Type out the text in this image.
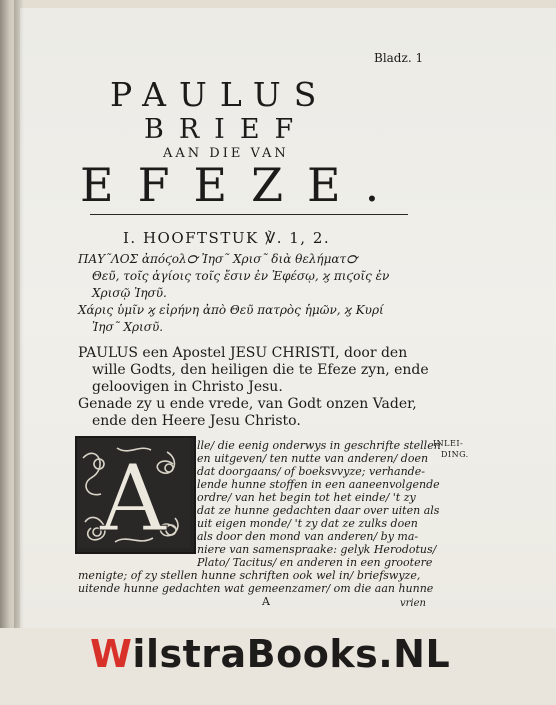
Bladz. 1
PAULUS
BRIEF
AAN DIE VAN
EFEZE.
I. HOOFTSTUK ℣. 1, 2.
ΠΑΥ῀ΛΟΣ ἀπόϛολ℺ Ἰησ῀ Χρισ῀ διὰ θελήματ℺
Θεῦ, τοῖς ἁγίοις τοῖς ἔσιν ἐν Ἐφέσῳ, ϗ πιϛοῖς ἐν
Χρισῷ Ἰησῦ.
Χάρις ὑμῖν ϗ εἰρήνη ἀπὸ Θεῦ πατρὸς ἡμῶν, ϗ Κυρί
Ἰησ῀ Χρισῦ.
PAULUS een Apostel JESU CHRISTI, door den
wille Godts, den heiligen die te Efeze zyn, ende
geloovigen in Christo Jesu.
Genade zy u ende vrede, van Godt onzen Vader,
ende den Heere Jesu Christo.
A	lle/ die eenig onderwys in geschrifte stellen
en uitgeven/ ten nutte van anderen/ doen
dat doorgaans/ of boeksvvyze; verhande-
lende hunne stoffen in een aaneenvolgende
ordre/ van het begin tot het einde/ 't zy
dat ze hunne gedachten daar over uiten als
uit eigen monde/ 't zy dat ze zulks doen
als door den mond van anderen/ by ma-
niere van samenspraake: gelyk Herodotus/
Plato/ Tacitus/ en anderen in een grootere
menigte; of zy stellen hunne schriften ook wel in/ briefswyze,
uitende hunne gedachten wat gemeenzamer/ om die aan hunne
A	vrien
INLEI-
DING.
WilstraBooks.NL
